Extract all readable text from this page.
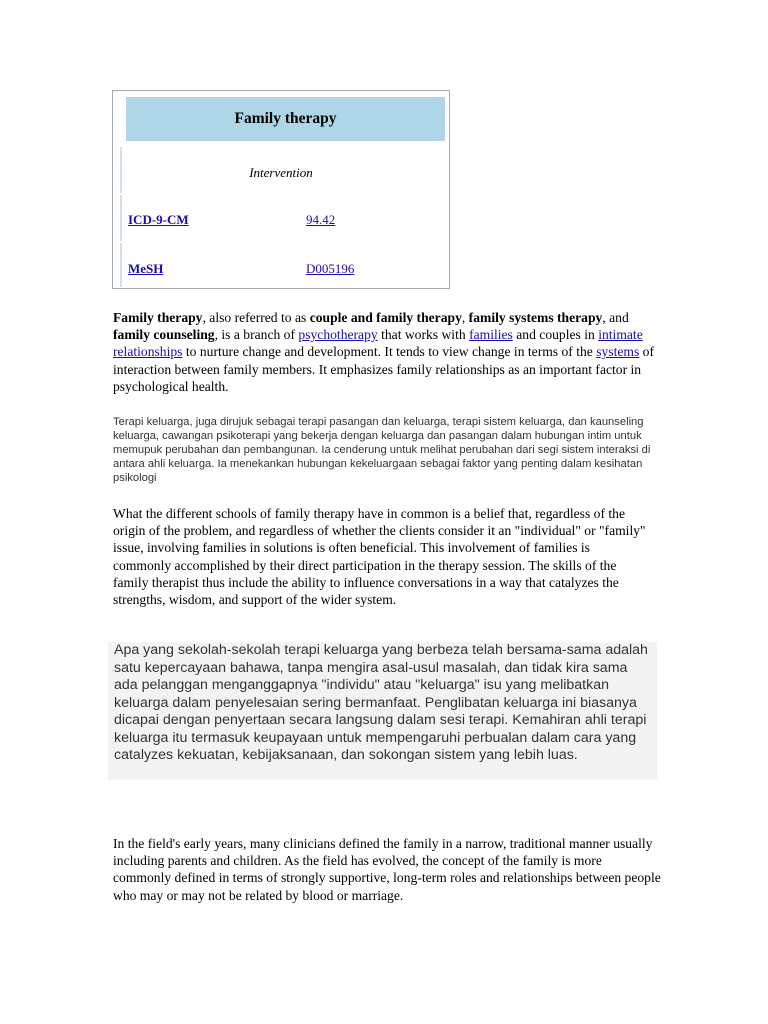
Family therapy
Intervention
ICD-9-CM	94.42
MeSH	D005196

Family therapy, also referred to as couple and family therapy, family systems therapy, and family counseling, is a branch of psychotherapy that works with families and couples in intimate relationships to nurture change and development. It tends to view change in terms of the systems of interaction between family members. It emphasizes family relationships as an important factor in psychological health.

Terapi keluarga, juga dirujuk sebagai terapi pasangan dan keluarga, terapi sistem keluarga, dan kaunseling keluarga, cawangan psikoterapi yang bekerja dengan keluarga dan pasangan dalam hubungan intim untuk memupuk perubahan dan pembangunan. Ia cenderung untuk melihat perubahan dari segi sistem interaksi di antara ahli keluarga. Ia menekankan hubungan kekeluargaan sebagai faktor yang penting dalam kesihatan psikologi

What the different schools of family therapy have in common is a belief that, regardless of the origin of the problem, and regardless of whether the clients consider it an "individual" or "family" issue, involving families in solutions is often beneficial. This involvement of families is commonly accomplished by their direct participation in the therapy session. The skills of the family therapist thus include the ability to influence conversations in a way that catalyzes the strengths, wisdom, and support of the wider system.

Apa yang sekolah-sekolah terapi keluarga yang berbeza telah bersama-sama adalah satu kepercayaan bahawa, tanpa mengira asal-usul masalah, dan tidak kira sama ada pelanggan menganggapnya "individu" atau "keluarga" isu yang melibatkan keluarga dalam penyelesaian sering bermanfaat. Penglibatan keluarga ini biasanya dicapai dengan penyertaan secara langsung dalam sesi terapi. Kemahiran ahli terapi keluarga itu termasuk keupayaan untuk mempengaruhi perbualan dalam cara yang catalyzes kekuatan, kebijaksanaan, dan sokongan sistem yang lebih luas.

In the field's early years, many clinicians defined the family in a narrow, traditional manner usually including parents and children. As the field has evolved, the concept of the family is more commonly defined in terms of strongly supportive, long-term roles and relationships between people who may or may not be related by blood or marriage.
